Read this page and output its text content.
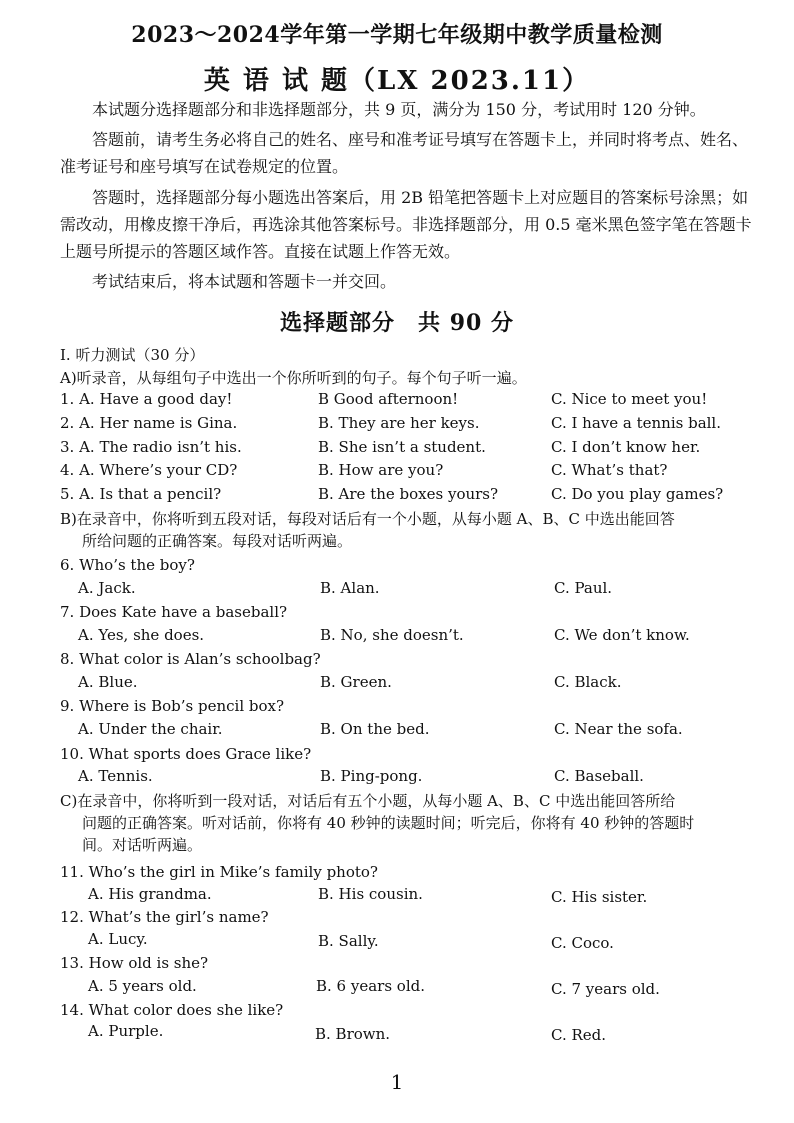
2023～2024学年第一学期七年级期中教学质量检测
英 语 试 题（LX 2023.11）

本试题分选择题部分和非选择题部分，共 9 页，满分为 150 分，考试用时 120 分钟。

答题前，请考生务必将自己的姓名、座号和准考证号填写在答题卡上，并同时将考点、姓名、准考证号和座号填写在试卷规定的位置。

答题时，选择题部分每小题选出答案后，用 2B 铅笔把答题卡上对应题目的答案标号涂黑；如需改动，用橡皮擦干净后，再选涂其他答案标号。非选择题部分，用 0.5 毫米黑色签字笔在答题卡上题号所提示的答题区域作答。直接在试题上作答无效。

考试结束后，将本试题和答题卡一并交回。

选择题部分　共 90 分
I. 听力测试（30 分）
A)听录音，从每组句子中选出一个你所听到的句子。每个句子听一遍。
1. A. Have a good day!	B Good afternoon!	C. Nice to meet you!
2. A. Her name is Gina.	B. They are her keys.	C. I have a tennis ball.
3. A. The radio isn’t his.	B. She isn’t a student.	C. I don’t know her.
4. A. Where’s your CD?	B. How are you?	C. What’s that?
5. A. Is that a pencil?	B. Are the boxes yours?	C. Do you play games?
B)在录音中，你将听到五段对话，每段对话后有一个小题，从每小题 A、B、C 中选出能回答
所给问题的正确答案。每段对话听两遍。
6. Who’s the boy?
A. Jack.	B. Alan.	C. Paul.
7. Does Kate have a baseball?
A. Yes, she does.	B. No, she doesn’t.	C. We don’t know.
8. What color is Alan’s schoolbag?
A. Blue.	B. Green.	C. Black.
9. Where is Bob’s pencil box?
A. Under the chair.	B. On the bed.	C. Near the sofa.
10. What sports does Grace like?
A. Tennis.	B. Ping-pong.	C. Baseball.
C)在录音中，你将听到一段对话，对话后有五个小题，从每小题 A、B、C 中选出能回答所给
问题的正确答案。听对话前，你将有 40 秒钟的读题时间；听完后，你将有 40 秒钟的答题时
间。对话听两遍。
11. Who’s the girl in Mike’s family photo?
A. His grandma.	B. His cousin.	C. His sister.
12. What’s the girl’s name?
A. Lucy.	B. Sally.	C. Coco.
13. How old is she?
A. 5 years old.	B. 6 years old.	C. 7 years old.
14. What color does she like?
A. Purple.	B. Brown.	C. Red.
1
